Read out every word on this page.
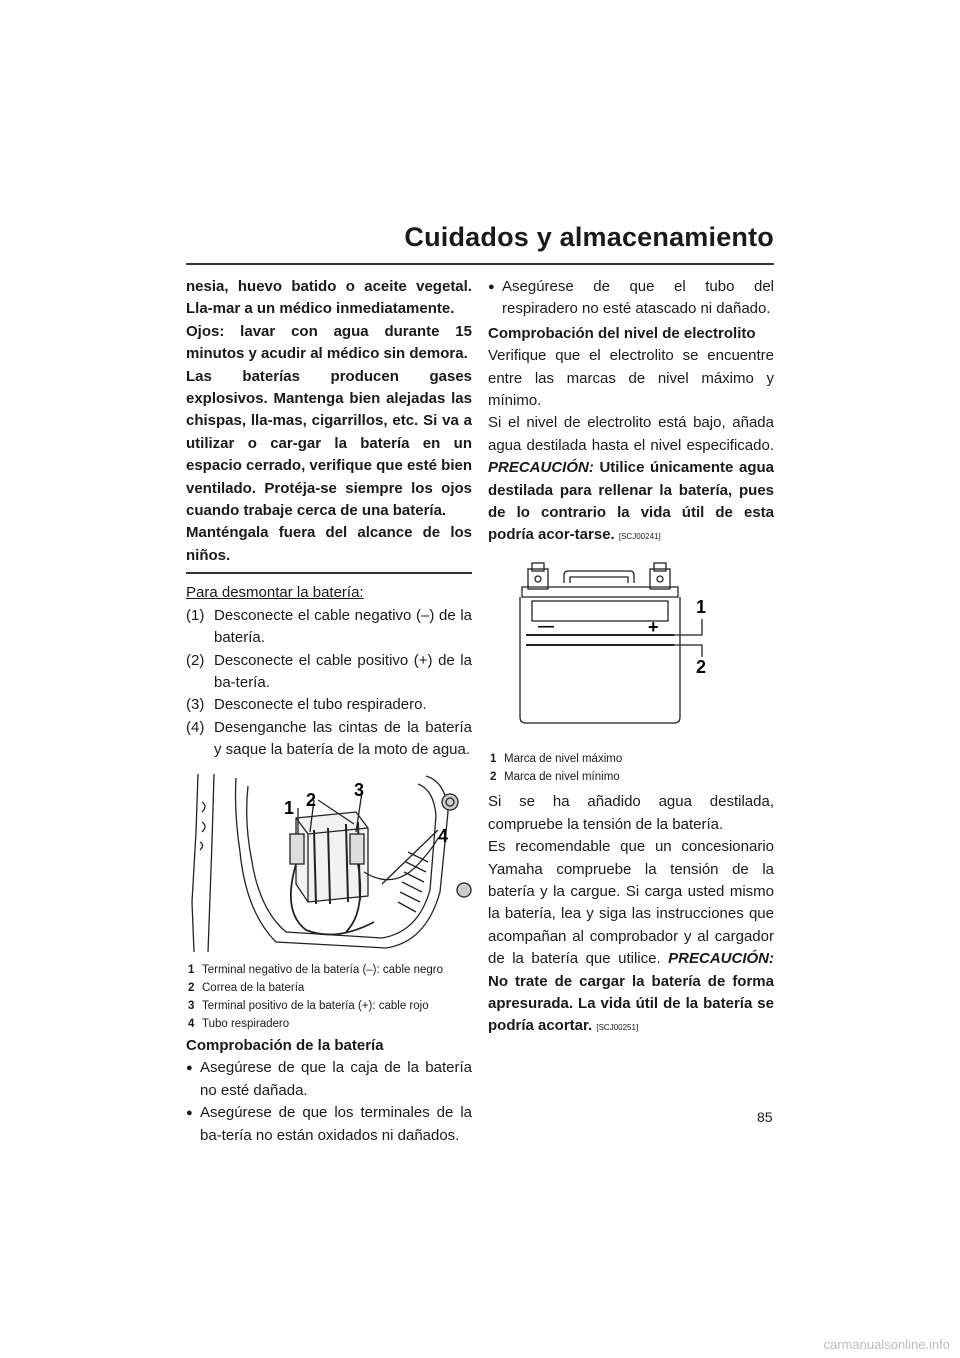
Cuidados y almacenamiento

nesia, huevo batido o aceite vegetal. Lla-mar a un médico inmediatamente.

Ojos: lavar con agua durante 15 minutos y acudir al médico sin demora.

Las baterías producen gases explosivos. Mantenga bien alejadas las chispas, lla-mas, cigarrillos, etc. Si va a utilizar o car-gar la batería en un espacio cerrado, verifique que esté bien ventilado. Protéja-se siempre los ojos cuando trabaje cerca de una batería.

Manténgala fuera del alcance de los niños.

Para desmontar la batería:

(1) Desconecte el cable negativo (–) de la batería.
(2) Desconecte el cable positivo (+) de la ba-tería.
(3) Desconecte el tubo respiradero.
(4) Desenganche las cintas de la batería y saque la batería de la moto de agua.
1 2 3
4
1 Terminal negativo de la batería (–): cable negro
2 Correa de la batería
3 Terminal positivo de la batería (+): cable rojo
4 Tubo respiradero

Comprobación de la batería

● Asegúrese de que la caja de la batería no esté dañada.
● Asegúrese de que los terminales de la ba-tería no están oxidados ni dañados.
● Asegúrese de que el tubo del respiradero no esté atascado ni dañado.

Comprobación del nivel de electrolito

Verifique que el electrolito se encuentre entre las marcas de nivel máximo y mínimo.

Si el nivel de electrolito está bajo, añada agua destilada hasta el nivel especificado. PRECAUCIÓN: Utilice únicamente agua destilada para rellenar la batería, pues de lo contrario la vida útil de esta podría acor-tarse. [SCJ00241]

—	+
1
2
1 Marca de nivel máximo
2 Marca de nivel mínimo

Si se ha añadido agua destilada, compruebe la tensión de la batería.

Es recomendable que un concesionario Yamaha compruebe la tensión de la batería y la cargue. Si carga usted mismo la batería, lea y siga las instrucciones que acompañan al comprobador y al cargador de la batería que utilice. PRECAUCIÓN: No trate de cargar la batería de forma apresurada. La vida útil de la batería se podría acortar. [SCJ00251]

85
carmanualsonline.info
